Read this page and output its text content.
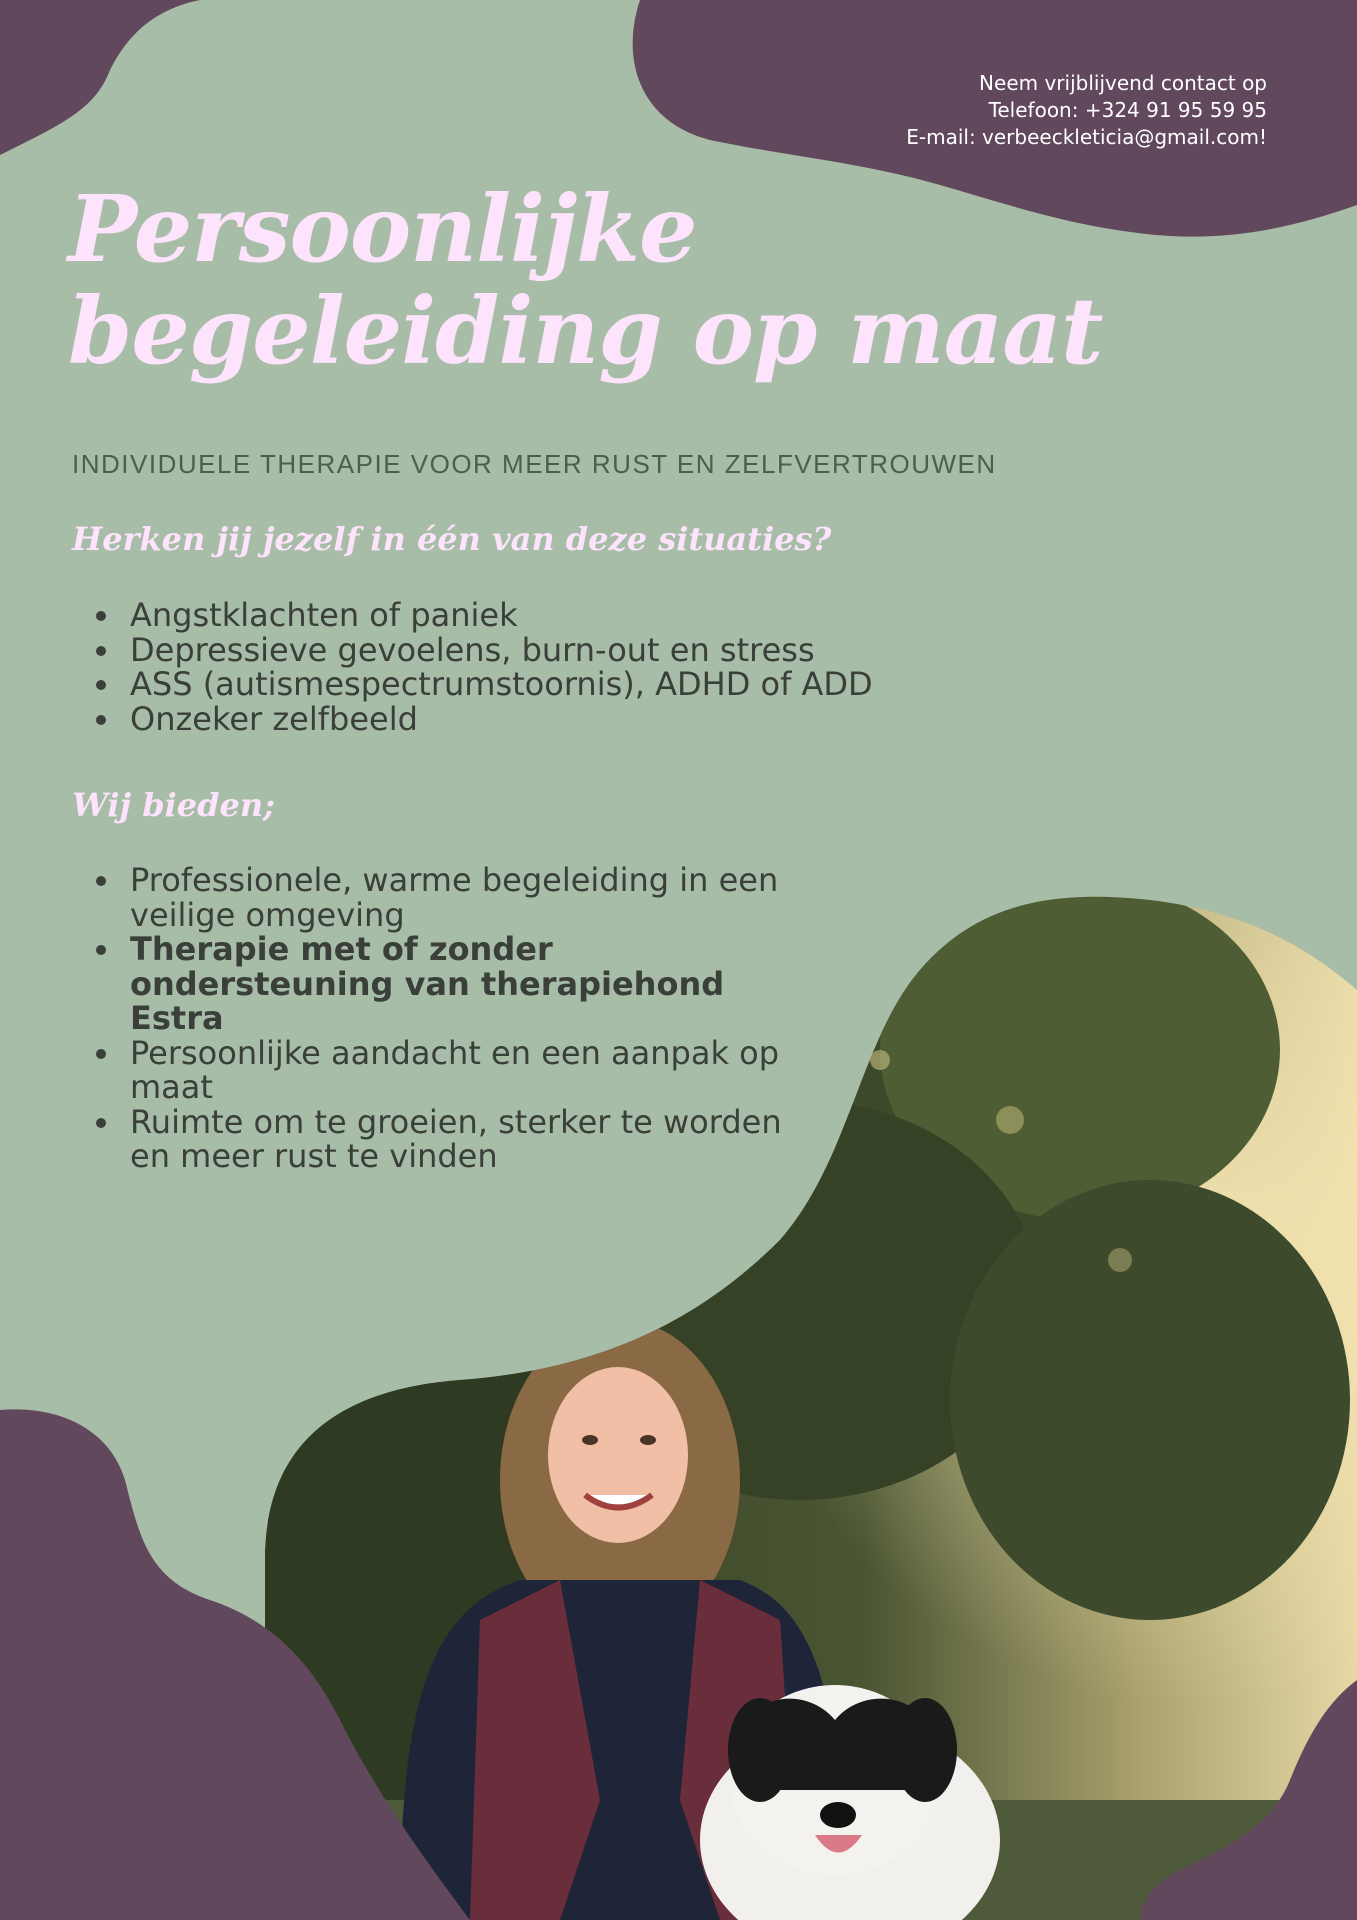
Neem vrijblijvend contact op
Telefoon: +324 91 95 59 95
E-mail: verbeeckleticia@gmail.com!
Persoonlijke
begeleiding op maat
INDIVIDUELE THERAPIE VOOR MEER RUST EN ZELFVERTROUWEN
Herken jij jezelf in één van deze situaties?
Angstklachten of paniek
Depressieve gevoelens, burn-out en stress
ASS (autismespectrumstoornis), ADHD of ADD
Onzeker zelfbeeld
Wij bieden;
Professionele, warme begeleiding in een veilige omgeving
Therapie met of zonder ondersteuning van therapiehond Estra
Persoonlijke aandacht en een aanpak op maat
Ruimte om te groeien, sterker te worden en meer rust te vinden
